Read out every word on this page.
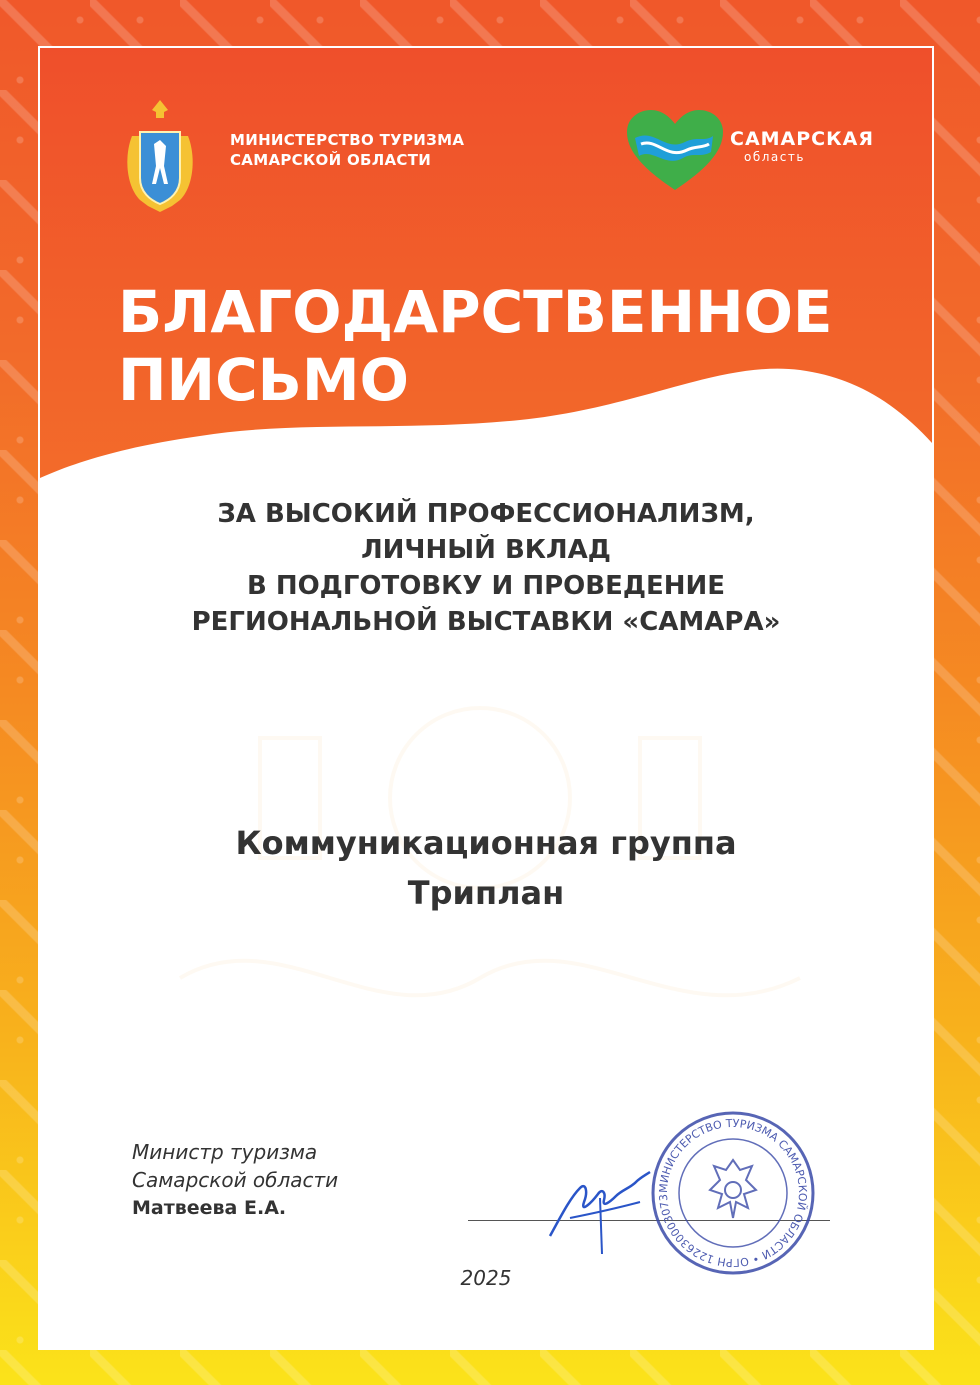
МИНИСТЕРСТВО ТУРИЗМА
САМАРСКОЙ ОБЛАСТИ
САМАРСКАЯ
область
БЛАГОДАРСТВЕННОЕ
ПИСЬМО
ЗА ВЫСОКИЙ ПРОФЕССИОНАЛИЗМ,
ЛИЧНЫЙ ВКЛАД
В ПОДГОТОВКУ И ПРОВЕДЕНИЕ
РЕГИОНАЛЬНОЙ ВЫСТАВКИ «САМАРА»
Коммуникационная группа
Триплан
Министр туризма
Самарской области
Матвеева Е.А.
МИНИСТЕРСТВО ТУРИЗМА САМАРСКОЙ ОБЛАСТИ • ОГРН 122630003073
2025
